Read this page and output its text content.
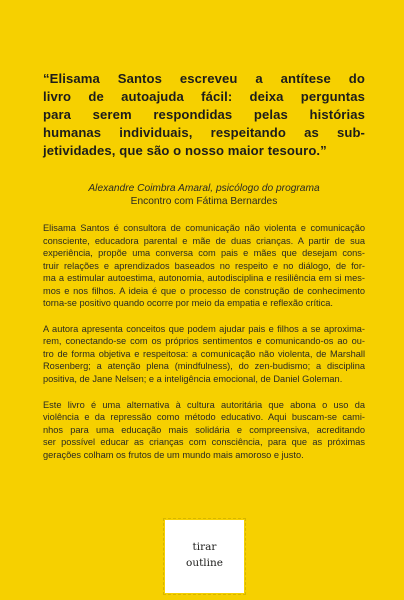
“Elisama Santos escreveu a antítese do
livro de autoajuda fácil: deixa perguntas
para serem respondidas pelas histórias
humanas individuais, respeitando as sub-
jetividades, que são o nosso maior tesouro.”
Alexandre Coimbra Amaral, psicólogo do programa
Encontro com Fátima Bernardes
Elisama Santos é consultora de comunicação não violenta e comunicação
consciente, educadora parental e mãe de duas crianças. A partir de sua
experiência, propõe uma conversa com pais e mães que desejam cons-
truir relações e aprendizados baseados no respeito e no diálogo, de for-
ma a estimular autoestima, autonomia, autodisciplina e resiliência em si mes-
mos e nos filhos. A ideia é que o processo de construção de conhecimento
torna-se positivo quando ocorre por meio da empatia e reflexão crítica.
A autora apresenta conceitos que podem ajudar pais e filhos a se aproxima-
rem, conectando-se com os próprios sentimentos e comunicando-os ao ou-
tro de forma objetiva e respeitosa: a comunicação não violenta, de Marshall
Rosenberg; a atenção plena (mindfulness), do zen-budismo; a disciplina
positiva, de Jane Nelsen; e a inteligência emocional, de Daniel Goleman.
Este livro é uma alternativa à cultura autoritária que abona o uso da
violência e da repressão como método educativo. Aqui buscam-se cami-
nhos para uma educação mais solidária e compreensiva, acreditando
ser possível educar as crianças com consciência, para que as próximas
gerações colham os frutos de um mundo mais amoroso e justo.
tirar
outline
